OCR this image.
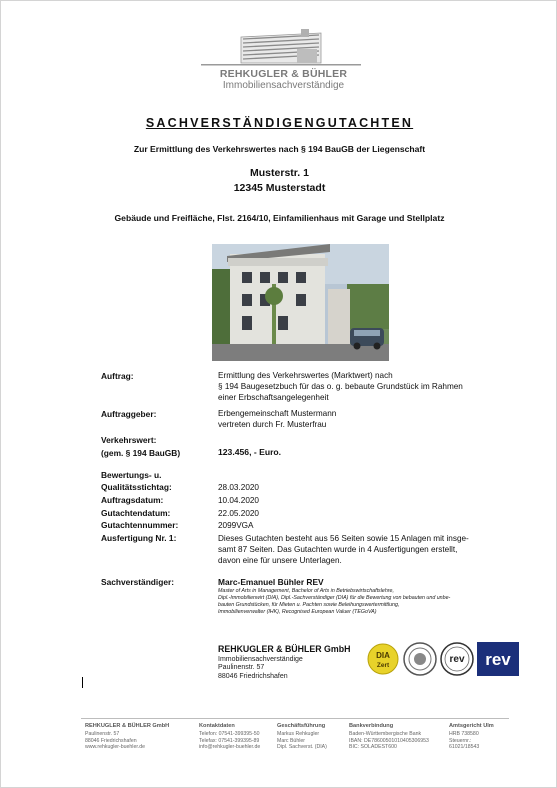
REHKUGLER & BÜHLER
Immobiliensachverständige
SACHVERSTÄNDIGENGUTACHTEN
Zur Ermittlung des Verkehrswertes nach § 194 BauGB der Liegenschaft
Musterstr. 1
12345 Musterstadt
Gebäude und Freifläche, Flst. 2164/10, Einfamilienhaus mit Garage und Stellplatz
Auftrag:	Ermittlung des Verkehrswertes (Marktwert) nach
§ 194 Baugesetzbuch für das o. g. bebaute Grundstück im Rahmen
einer Erbschaftsangelegenheit
Auftraggeber:	Erbengemeinschaft Mustermann
vertreten durch Fr. Musterfrau
Verkehrswert:
(gem. § 194 BauGB)	123.456, - Euro.
Bewertungs- u.
Qualitätsstichtag:	28.03.2020
Auftragsdatum:	10.04.2020
Gutachtendatum:	22.05.2020
Gutachtennummer:	2099VGA
Ausfertigung Nr. 1:	Dieses Gutachten besteht aus 56 Seiten sowie 15 Anlagen mit insge-
samt 87 Seiten. Das Gutachten wurde in 4 Ausfertigungen erstellt,
davon eine für unsere Unterlagen.
Sachverständiger:	Marc-Emanuel Bühler REV
Master of Arts in Management, Bachelor of Arts in Betriebswirtschaftslehre,
Dipl.-Immobilienwirt (DIA), Dipl.-Sachverständiger (DIA) für die Bewertung von bebauten und unbe-
bauten Grundstücken, für Mieten u. Pachten sowie Beleihungswertermittlung,
Immobilienverwalter (IHK), Recognised European Valuer (TEGoVA)
REHKUGLER & BÜHLER GmbH
Immobiliensachverständige
Paulinenstr. 57
88046 Friedrichshafen
DIA
Zert
rev rev
REHKUGLER & BÜHLER GmbH
Paulinenstr. 57
88046 Friedrichshafen
www.rehkugler-buehler.de
Kontaktdaten
Telefon: 07541-399395-50
Telefax: 07541-399395-89
info@rehkugler-buehler.de
Geschäftsführung
Markus Rehkugler
Marc Bühler
Dipl. Sachverst. (DIA)
Bankverbindung
Baden-Württembergische Bank
IBAN: DE78600501010405306953
BIC: SOLADEST600
Amtsgericht Ulm
HRB 738580
Steuernr.:
61021/18543
